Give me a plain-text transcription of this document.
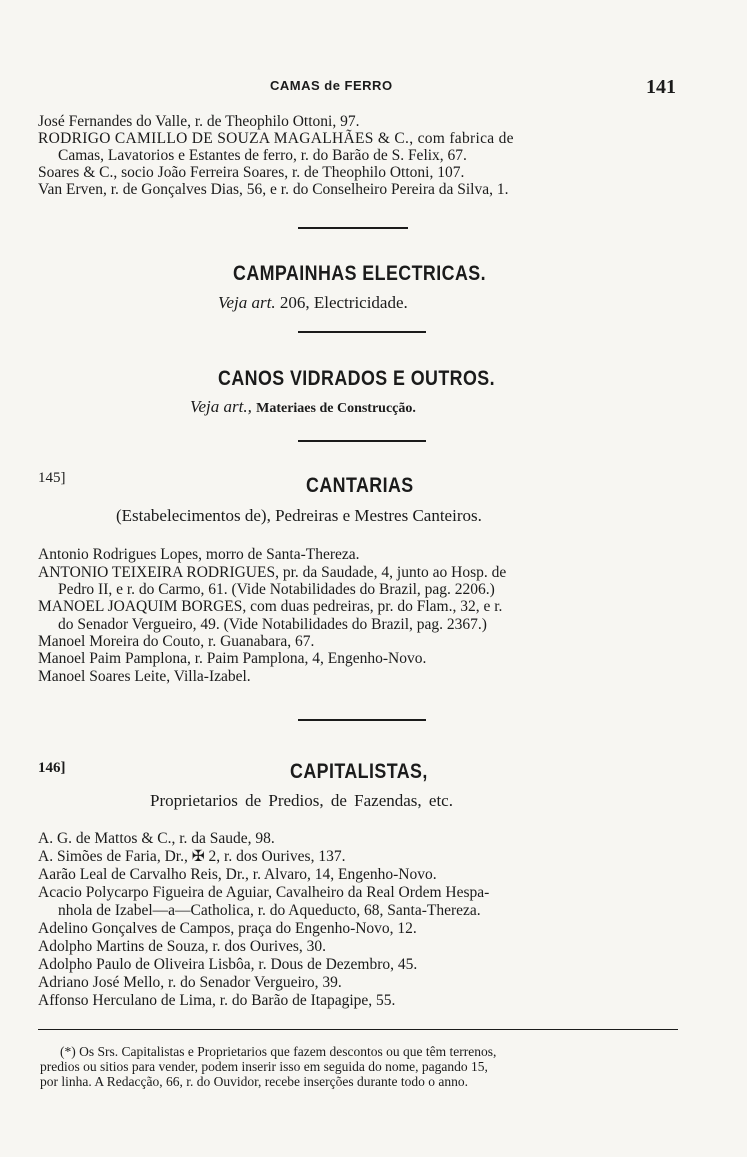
CAMAS de FERRO	141
José Fernandes do Valle, r. de Theophilo Ottoni, 97.
RODRIGO CAMILLO DE SOUZA MAGALHÃES & C., com fabrica de
Camas, Lavatorios e Estantes de ferro, r. do Barão de S. Felix, 67.
Soares & C., socio João Ferreira Soares, r. de Theophilo Ottoni, 107.
Van Erven, r. de Gonçalves Dias, 56, e r. do Conselheiro Pereira da Silva, 1.
CAMPAINHAS ELECTRICAS.
Veja art. 206, Electricidade.
CANOS VIDRADOS E OUTROS.
Veja art., Materiaes de Construcção.
145]	CANTARIAS
(Estabelecimentos de), Pedreiras e Mestres Canteiros.
Antonio Rodrigues Lopes, morro de Santa-Thereza.
ANTONIO TEIXEIRA RODRIGUES, pr. da Saudade, 4, junto ao Hosp. de
Pedro II, e r. do Carmo, 61. (Vide Notabilidades do Brazil, pag. 2206.)
MANOEL JOAQUIM BORGES, com duas pedreiras, pr. do Flam., 32, e r.
do Senador Vergueiro, 49. (Vide Notabilidades do Brazil, pag. 2367.)
Manoel Moreira do Couto, r. Guanabara, 67.
Manoel Paim Pamplona, r. Paim Pamplona, 4, Engenho-Novo.
Manoel Soares Leite, Villa-Izabel.
146]	CAPITALISTAS,
Proprietarios de Predios, de Fazendas, etc.
A. G. de Mattos & C., r. da Saude, 98.
A. Simões de Faria, Dr., ✠ 2, r. dos Ourives, 137.
Aarão Leal de Carvalho Reis, Dr., r. Alvaro, 14, Engenho-Novo.
Acacio Polycarpo Figueira de Aguiar, Cavalheiro da Real Ordem Hespa-
nhola de Izabel—a—Catholica, r. do Aqueducto, 68, Santa-Thereza.
Adelino Gonçalves de Campos, praça do Engenho-Novo, 12.
Adolpho Martins de Souza, r. dos Ourives, 30.
Adolpho Paulo de Oliveira Lisbôa, r. Dous de Dezembro, 45.
Adriano José Mello, r. do Senador Vergueiro, 39.
Affonso Herculano de Lima, r. do Barão de Itapagipe, 55.
(*) Os Srs. Capitalistas e Proprietarios que fazem descontos ou que têm terrenos,
predios ou sitios para vender, podem inserir isso em seguida do nome, pagando 15,
por linha. A Redacção, 66, r. do Ouvidor, recebe inserções durante todo o anno.
